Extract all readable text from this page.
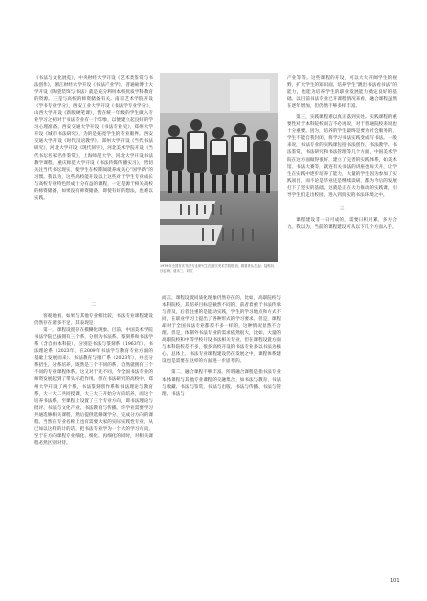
《书法与文化展览》，中央财经大学开设《艺术类鉴赏与书法创作》，浙江财经大学开设《书法产业学》，普通硕博士大学开设《陶瓷装饰与书法》就是充分利用本校优质学科教育的资源。三是与高校的师资储备有关。南京艺术学院开设《学书专业学分》，西安工业大学开设《书法学专业学分》，山西大学开设《新版硬笔课》，皆在统一年级的学生做入专业学习之初对于书法专业有一个印象，以便建立起良好的学习心理准备。西安交通大学开设《书法专业史》，郑州大学开设《城市书法研究》，为的是拓宽学生的专业眼界。西安交通大学开设《时代汉语教学》，郑州大学开设《当代书法研究》，河北大学开设《现代刻字》，河北美术学院开设《当代书坛名家名作鉴赏》，上海师范大学、河北大学开设书法教学课程，重庆师范大学开设《书法传媒传播实习》，皆切关注当代书坛现实，使学生在校期间就养成关心“国学新”的习惯。我以为，这些高校能开设以上这些对于学生专业成长与高校专业特色形成十分有益的课程，一定是源于相关高校的师资储备，如果没有师资储备，即使有好的想法，也难以实践。

1979年全国首次书法专业研究生在浙江美术学院报到。顾看者从左起：陆维钊、沙孟海、诸乐三、刘江

二

客观地看，如果与其他专业相比较，书法专业课程建设仍然存在诸多不足，其表现是：

第一，课程设置存在模糊化现象。目前，中国美术学院书法学院已拔拥有三个系，分别为书法系、篆刻系和书法学系（含自由本科院），分别是书法与篆刻系（1963年）、书法理论系（2023年，在2009年书法学与教育专业方面的基础上发展而来）、书法教育与推广系（2023年），并且分系招生，分系培养，既然是三个不同的系，自然就拥有三个不同的专业课程体系。这又对于先不同，今全国书法专业的师资发展起到了带头示范作用。但在书法研究的高校中，郑州大学开设了两个系，书法篆刻创作系和书法理论与教育系，大一大二共同授课，大三大三开始分方向培养，而这个培养书法系，至课程上设置了三个专业方向，即书法理论与批评、书法与文化产业、书法教育与传播。许学业需要学习共通选修相关课程，然后提供选修课学分，完成分方向的课程。当然在专业名称上也有需要大家的实际实践性专业，从已如以这样的计的话，把书法专业学为一个大的学习方向，至于在方向课程专业细化、细化、再细化的同时，对相关课程必然区别对待。

而言，课程设置同质化现象仍然存在的，比如，高职院校与本科院校，其培养目标是截然不同的，前者着重于书法传承与普及，后者注重的是能动实践，学生的学习地点和方式不同，在职业学习上提出了各种形式的学习要求。但是，课程却对于全国书法专业都差不多一样的，这种情况显然不合理。但是，体制外书法专业的需求依然很大，比如，大量的高职院校和中等学校开设书法相关专业，但在课程设置方面与本科院校差不多，很多高校开设的书法专业多以书法为核心，总体上，书法专业课程建设仍在发展之中，课程体系建设也是需要在这样的方面进一步思考的。

第二，融合课程不够丰富。所谓融合课程是指书法专业本体课程与其他专业课程的交融集合，如书法与教育、书法与收藏、书法与鉴赏，书法与出版、书法与传播、书法与管理、书法与

产业等等。这些课程的开设，可以大大开阔学生的视野，扩大学生的知识面，培养学生“跳出书法看书法”的能力，也能为培养学生的职业发展能力奠定良好的基础。以目前书法专业已开课程情况来看，融合课程虽然在逐年增加，但仍然不够多样丰富。

第三，实践课程难以真正落到实处。实践课程的重要性对于本科院校而言不必再说，对于普通院校来说也十分重要。因为，培养的学生最终是要为社会服务的，学生不能自我封闭，将学习书法实践变成写书法。一般来说，书法专业的实践课包括书法创作、书法教学、书法鉴赏、书法研究和书法管理等几个方面，中国美术学院在这方面做得很好，建立了完善的实践体系，如美术馆、书法大赛等，就连有关书法的讲座也每天开，让学生在实践中逐步培养了能力，大量的学生因为参加了实践项目，而不论是毕业还是继续读研，都为今后的发展打下了坚实的基础。这就是正在大力推动的实践课，引导学生们走出校园，进入到真实的书法环境之中。

三

课程建设非一日可成的，需要日积月累，多方合力。我以为，当前的课程建设可从以下几个方面入手。

101
